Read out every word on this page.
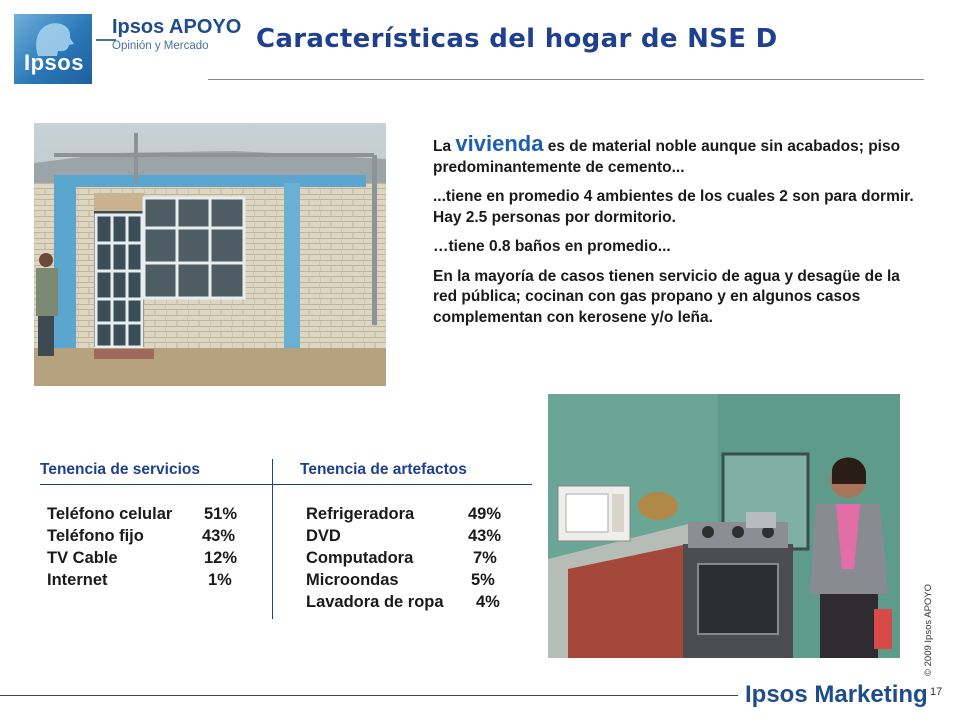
Ipsos
Ipsos APOYO
Opinión y Mercado	Características del hogar de NSE D

La vivienda es de material noble aunque sin acabados; piso predominantemente de cemento...

...tiene en promedio 4 ambientes de los cuales 2 son para dormir. Hay 2.5 personas por dormitorio.

…tiene 0.8 baños en promedio...

En la mayoría de casos tienen servicio de agua y desagüe de la red pública; cocinan con gas propano y en algunos casos complementan con kerosene y/o leña.

Tenencia de servicios	Tenencia de artefactos
Teléfono celular 51%
Teléfono fijo	43%
TV Cable	12%
Internet	1%
Refrigeradora	49%
DVD	43%
Computadora	7%
Microondas	5%
Lavadora de ropa 4%
Ipsos Marketing
© 2009 Ipsos APOYO
17
